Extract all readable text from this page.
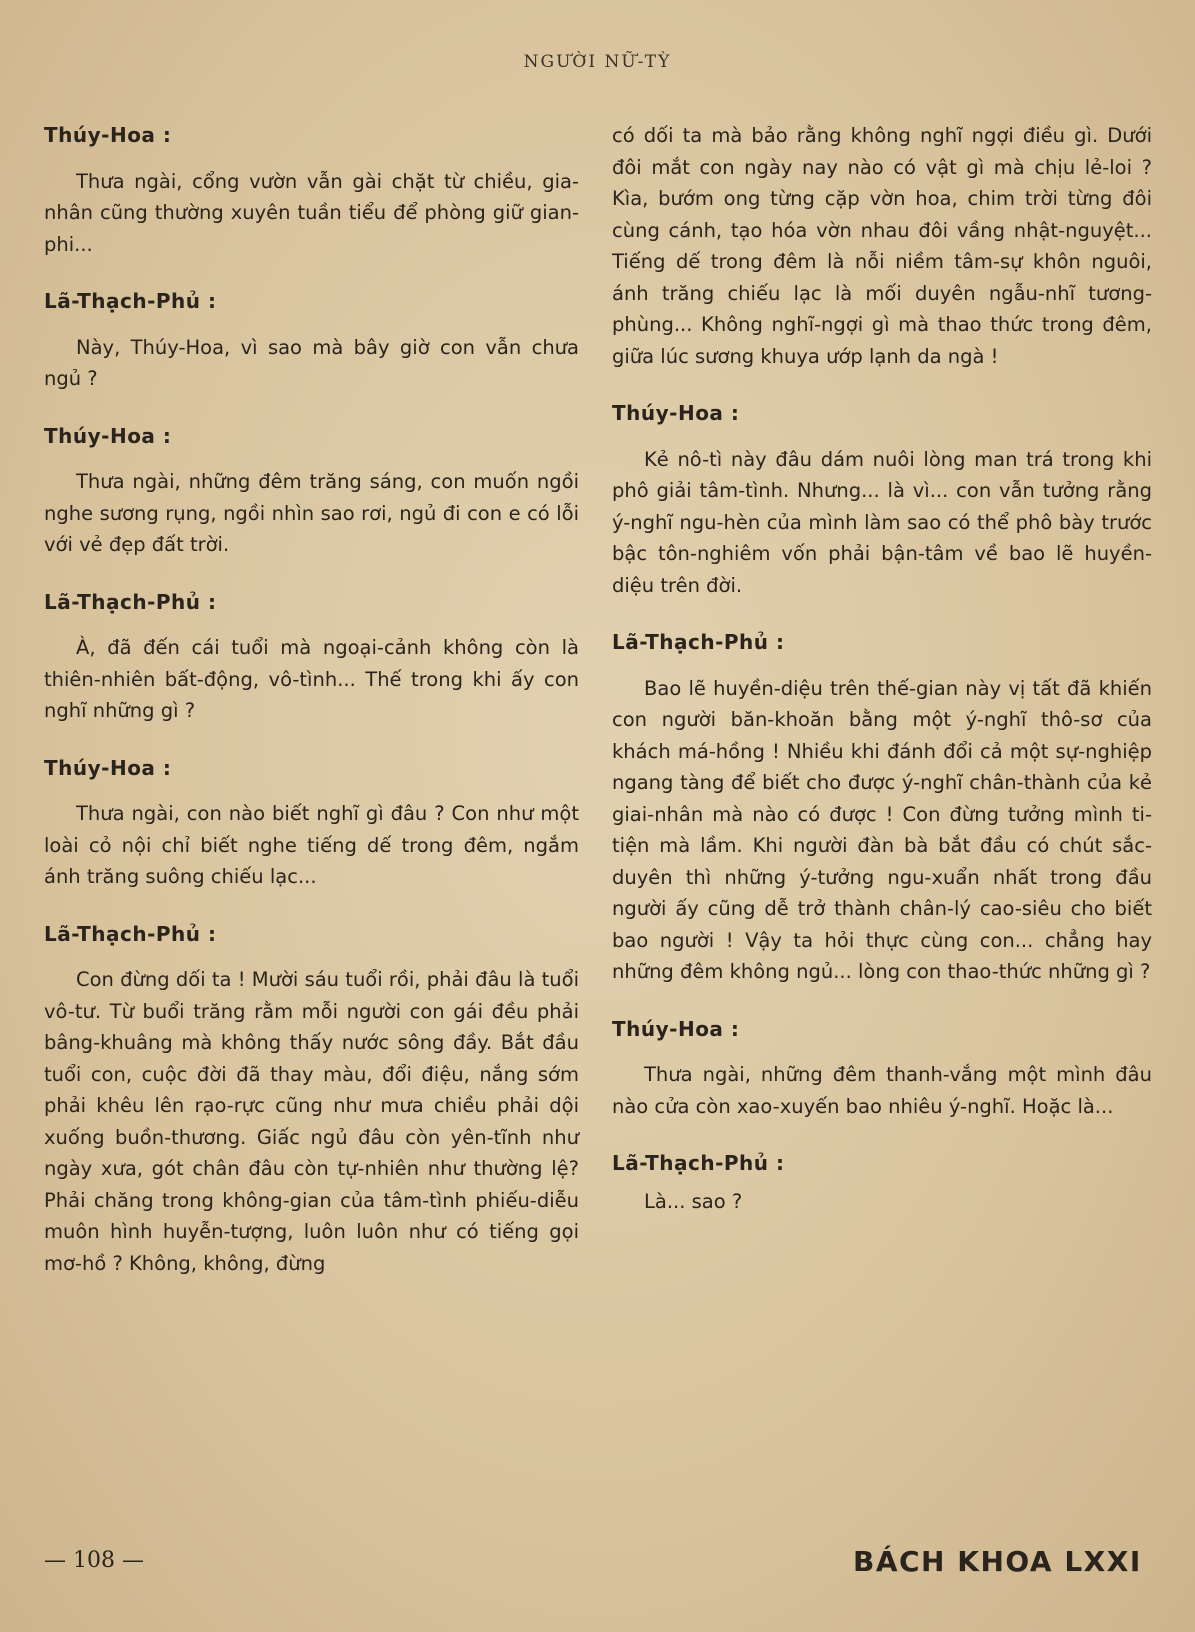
NGƯỜI NỮ-TỲ
Thúy-Hoa :
Thưa ngài, cổng vườn vẫn gài chặt từ chiều, gia-nhân cũng thường xuyên tuần tiểu để phòng giữ gian-phi...
Lã-Thạch-Phủ :
Này, Thúy-Hoa, vì sao mà bây giờ con vẫn chưa ngủ ?
Thúy-Hoa :
Thưa ngài, những đêm trăng sáng, con muốn ngồi nghe sương rụng, ngồi nhìn sao rơi, ngủ đi con e có lỗi với vẻ đẹp đất trời.
Lã-Thạch-Phủ :
À, đã đến cái tuổi mà ngoại-cảnh không còn là thiên-nhiên bất-động, vô-tình... Thế trong khi ấy con nghĩ những gì ?
Thúy-Hoa :
Thưa ngài, con nào biết nghĩ gì đâu ? Con như một loài cỏ nội chỉ biết nghe tiếng dế trong đêm, ngắm ánh trăng suông chiếu lạc...
Lã-Thạch-Phủ :
Con đừng dối ta ! Mười sáu tuổi rồi, phải đâu là tuổi vô-tư. Từ buổi trăng rằm mỗi người con gái đều phải bâng-khuâng mà không thấy nước sông đầy. Bắt đầu tuổi con, cuộc đời đã thay màu, đổi điệu, nắng sớm phải khêu lên rạo-rực cũng như mưa chiều phải dội xuống buồn-thương. Giấc ngủ đâu còn yên-tĩnh như ngày xưa, gót chân đâu còn tự-nhiên như thường lệ? Phải chăng trong không-gian của tâm-tình phiếu-diễu muôn hình huyễn-tượng, luôn luôn như có tiếng gọi mơ-hồ ? Không, không, đừng
có dối ta mà bảo rằng không nghĩ ngợi điều gì. Dưới đôi mắt con ngày nay nào có vật gì mà chịu lẻ-loi ? Kìa, bướm ong từng cặp vờn hoa, chim trời từng đôi cùng cánh, tạo hóa vờn nhau đôi vầng nhật-nguyệt... Tiếng dế trong đêm là nỗi niềm tâm-sự khôn nguôi, ánh trăng chiếu lạc là mối duyên ngẫu-nhĩ tương-phùng... Không nghĩ-ngợi gì mà thao thức trong đêm, giữa lúc sương khuya ướp lạnh da ngà !
Thúy-Hoa :
Kẻ nô-tì này đâu dám nuôi lòng man trá trong khi phô giải tâm-tình. Nhưng... là vì... con vẫn tưởng rằng ý-nghĩ ngu-hèn của mình làm sao có thể phô bày trước bậc tôn-nghiêm vốn phải bận-tâm về bao lẽ huyền-diệu trên đời.
Lã-Thạch-Phủ :
Bao lẽ huyền-diệu trên thế-gian này vị tất đã khiến con người băn-khoăn bằng một ý-nghĩ thô-sơ của khách má-hồng ! Nhiều khi đánh đổi cả một sự-nghiệp ngang tàng để biết cho được ý-nghĩ chân-thành của kẻ giai-nhân mà nào có được ! Con đừng tưởng mình ti-tiện mà lầm. Khi người đàn bà bắt đầu có chút sắc-duyên thì những ý-tưởng ngu-xuẩn nhất trong đầu người ấy cũng dễ trở thành chân-lý cao-siêu cho biết bao người ! Vậy ta hỏi thực cùng con... chẳng hay những đêm không ngủ... lòng con thao-thức những gì ?
Thúy-Hoa :
Thưa ngài, những đêm thanh-vắng một mình đâu nào cửa còn xao-xuyến bao nhiêu ý-nghĩ. Hoặc là...
Lã-Thạch-Phủ :
Là... sao ?
— 108 —	BÁCH KHOA LXXI
